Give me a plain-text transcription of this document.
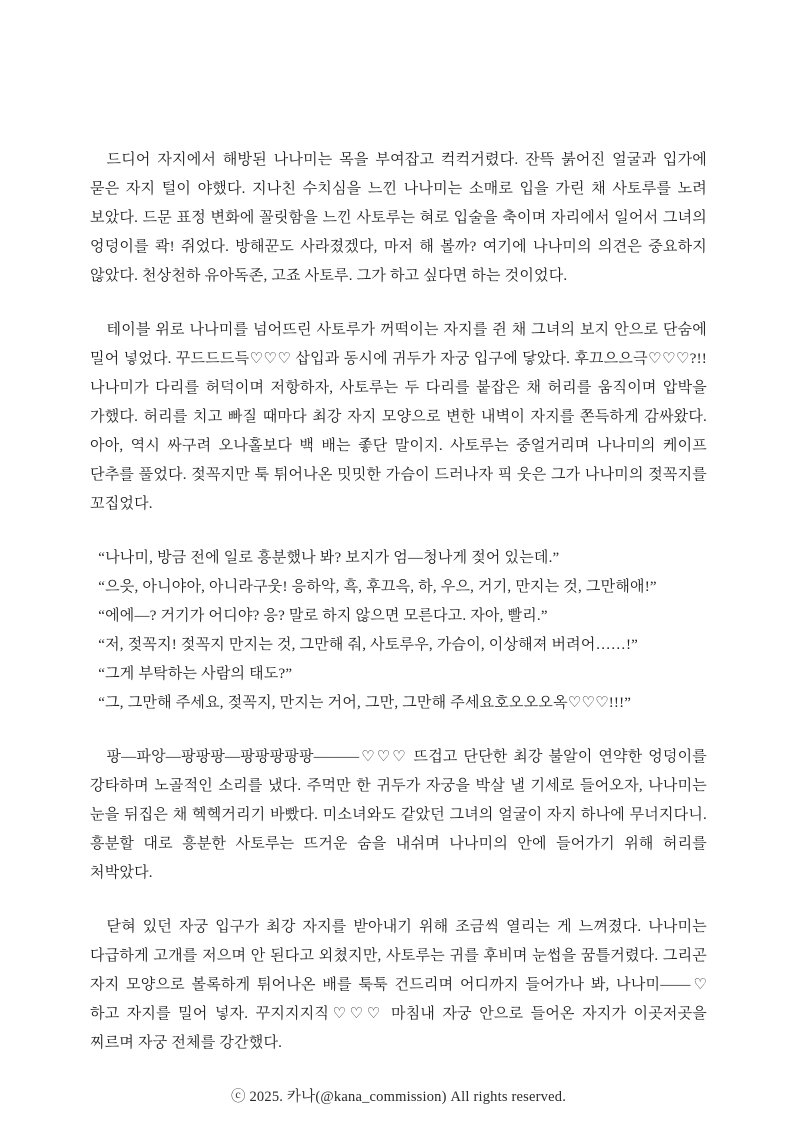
드디어 자지에서 해방된 나나미는 목을 부여잡고 컥컥거렸다. 잔뜩 붉어진 얼굴과 입가에 묻은 자지 털이 야했다. 지나친 수치심을 느낀 나나미는 소매로 입을 가린 채 사토루를 노려 보았다. 드문 표정 변화에 꼴릿함을 느낀 사토루는 혀로 입술을 축이며 자리에서 일어서 그녀의 엉덩이를 콱! 쥐었다. 방해꾼도 사라졌겠다, 마저 해 볼까? 여기에 나나미의 의견은 중요하지 않았다. 천상천하 유아독존, 고죠 사토루. 그가 하고 싶다면 하는 것이었다.

테이블 위로 나나미를 넘어뜨린 사토루가 꺼떡이는 자지를 쥔 채 그녀의 보지 안으로 단숨에 밀어 넣었다. 꾸드드드득♡♡♡ 삽입과 동시에 귀두가 자궁 입구에 닿았다. 후끄으으극♡♡♡?!! 나나미가 다리를 허덕이며 저항하자, 사토루는 두 다리를 붙잡은 채 허리를 움직이며 압박을 가했다. 허리를 치고 빠질 때마다 최강 자지 모양으로 변한 내벽이 자지를 쫀득하게 감싸왔다. 아아, 역시 싸구려 오나홀보다 백 배는 좋단 말이지. 사토루는 중얼거리며 나나미의 케이프 단추를 풀었다. 젖꼭지만 툭 튀어나온 밋밋한 가슴이 드러나자 픽 웃은 그가 나나미의 젖꼭지를 꼬집었다.

“나나미, 방금 전에 일로 흥분했나 봐? 보지가 엄—청나게 젖어 있는데.”

“으읏, 아니야아, 아니라구웃! 응하악, 흑, 후끄윽, 하, 우으, 거기, 만지는 것, 그만해애!”

“에에—? 거기가 어디야? 응? 말로 하지 않으면 모른다고. 자아, 빨리.”

“저, 젖꼭지! 젖꼭지 만지는 것, 그만해 줘, 사토루우, 가슴이, 이상해져 버려어……!”

“그게 부탁하는 사람의 태도?”

“그, 그만해 주세요, 젖꼭지, 만지는 거어, 그만, 그만해 주세요호오오오옥♡♡♡!!!”

팡—파앙—팡팡팡—팡팡팡팡팡———♡♡♡ 뜨겁고 단단한 최강 불알이 연약한 엉덩이를 강타하며 노골적인 소리를 냈다. 주먹만 한 귀두가 자궁을 박살 낼 기세로 들어오자, 나나미는 눈을 뒤집은 채 헥헥거리기 바빴다. 미소녀와도 같았던 그녀의 얼굴이 자지 하나에 무너지다니. 흥분할 대로 흥분한 사토루는 뜨거운 숨을 내쉬며 나나미의 안에 들어가기 위해 허리를 처박았다.

닫혀 있던 자궁 입구가 최강 자지를 받아내기 위해 조금씩 열리는 게 느껴졌다. 나나미는 다급하게 고개를 저으며 안 된다고 외쳤지만, 사토루는 귀를 후비며 눈썹을 꿈틀거렸다. 그리곤 자지 모양으로 볼록하게 튀어나온 배를 툭툭 건드리며 어디까지 들어가나 봐, 나나미——♡ 하고 자지를 밀어 넣자. 꾸지지지직♡♡♡ 마침내 자궁 안으로 들어온 자지가 이곳저곳을 찌르며 자궁 전체를 강간했다.

ⓒ 2025. 카나(@kana_commission) All rights reserved.
